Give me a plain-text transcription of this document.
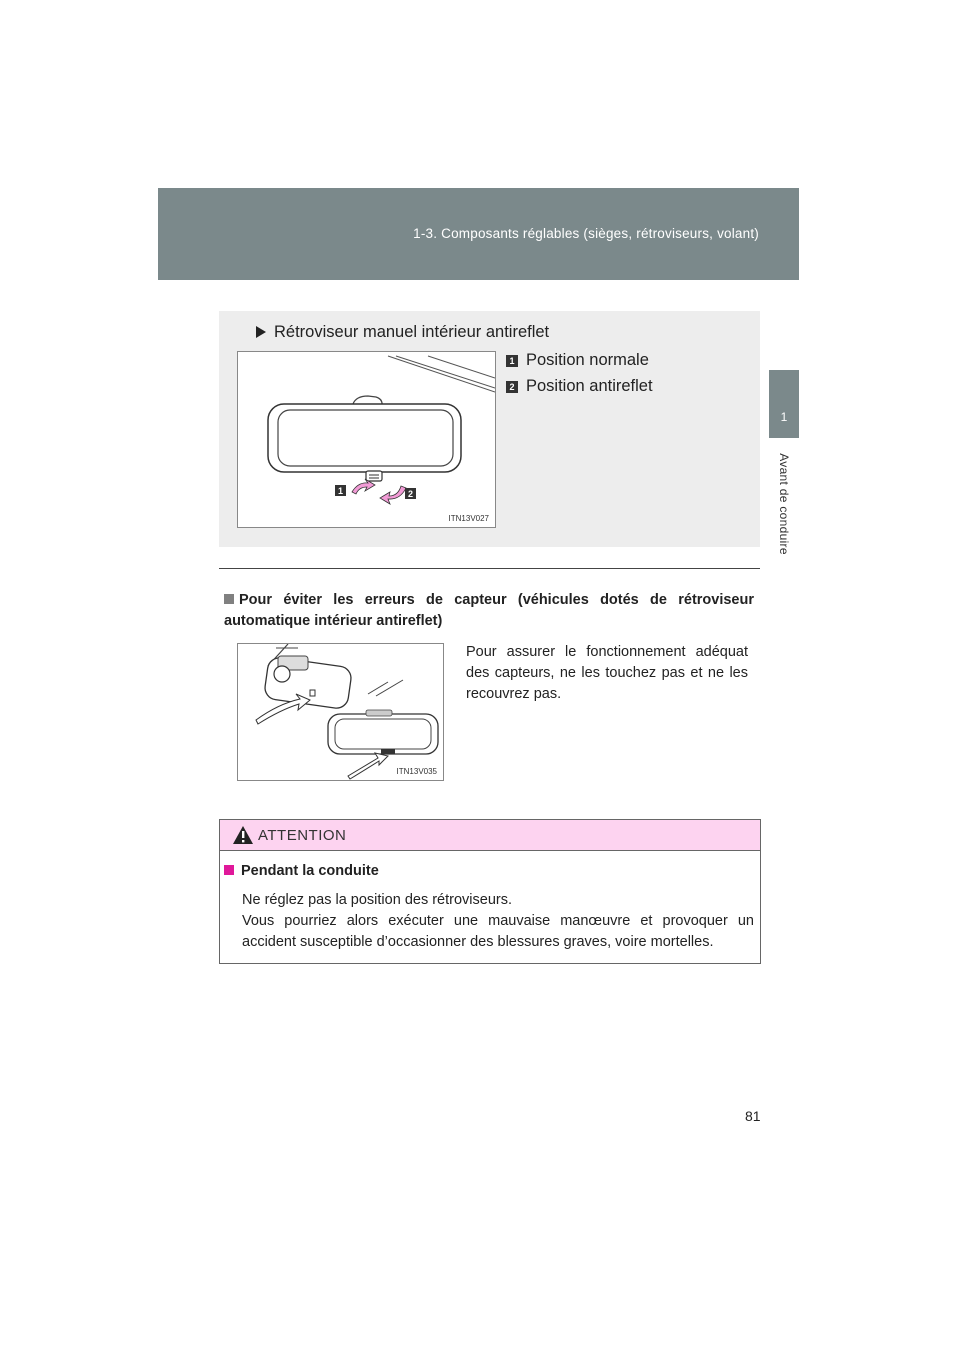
1-3. Composants réglables (sièges, rétroviseurs, volant)
1
Avant de conduire
Rétroviseur manuel intérieur antireflet
1 Position normale
2 Position antireflet
1	2
ITN13V027
Pour éviter les erreurs de capteur (véhicules dotés de rétroviseur automatique intérieur antireflet)
ITN13V035
Pour assurer le fonctionnement adéquat des capteurs, ne les touchez pas et ne les recouvrez pas.
ATTENTION
Pendant la conduite
Ne réglez pas la position des rétroviseurs.
Vous pourriez alors exécuter une mauvaise manœuvre et provoquer un accident susceptible d’occasionner des blessures graves, voire mortelles.
81
